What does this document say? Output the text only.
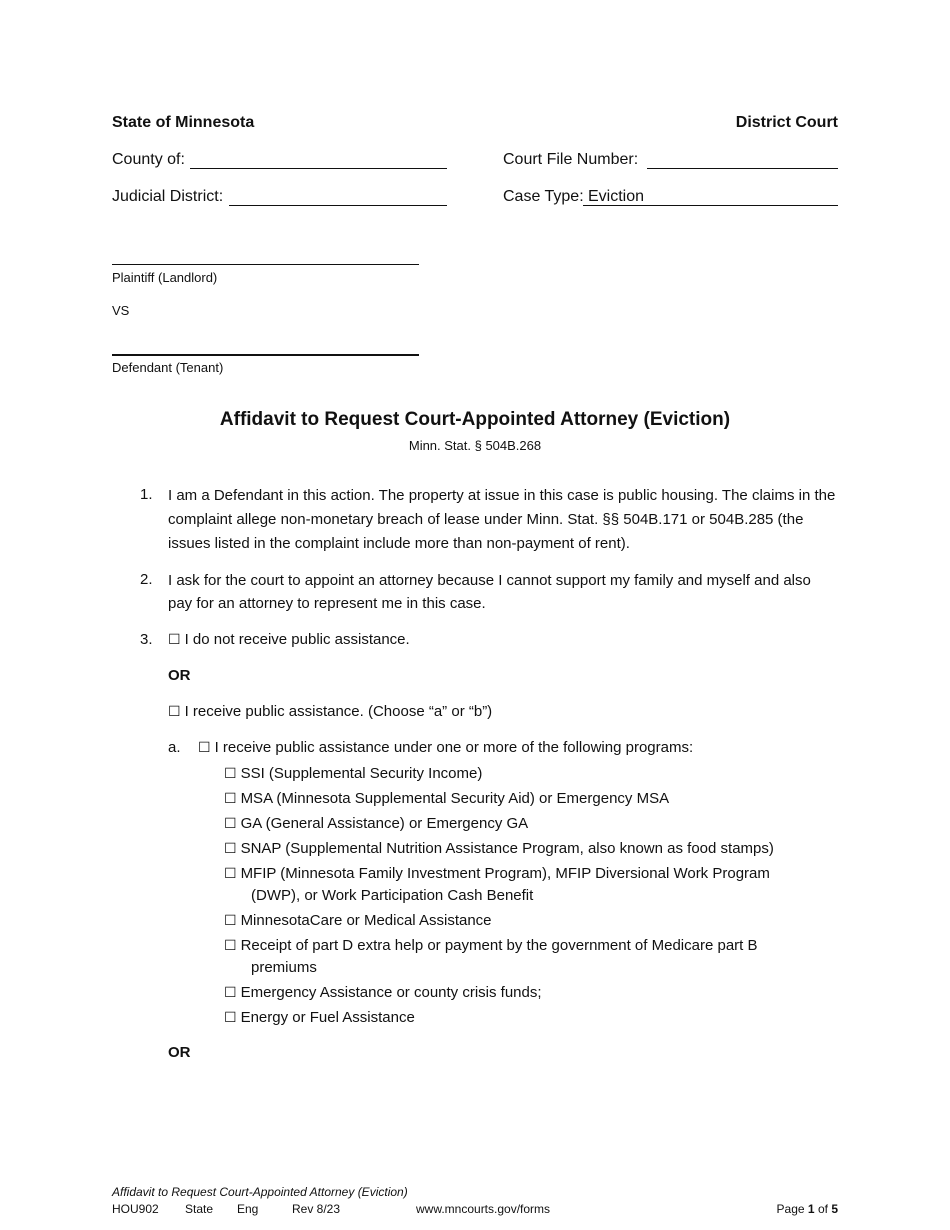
State of Minnesota	District Court
County of:	Court File Number:
Judicial District:	Case Type: Eviction
Plaintiff (Landlord)
VS
Defendant (Tenant)
Affidavit to Request Court-Appointed Attorney (Eviction)
Minn. Stat. § 504B.268
1. I am a Defendant in this action. The property at issue in this case is public housing. The claims in the complaint allege non-monetary breach of lease under Minn. Stat. §§ 504B.171 or 504B.285 (the issues listed in the complaint include more than non-payment of rent).
2. I ask for the court to appoint an attorney because I cannot support my family and myself and also pay for an attorney to represent me in this case.
3. ☐ I do not receive public assistance.
OR
☐ I receive public assistance. (Choose “a” or “b”)
a. ☐ I receive public assistance under one or more of the following programs:
☐ SSI (Supplemental Security Income)
☐ MSA (Minnesota Supplemental Security Aid) or Emergency MSA
☐ GA (General Assistance) or Emergency GA
☐ SNAP (Supplemental Nutrition Assistance Program, also known as food stamps)
☐ MFIP (Minnesota Family Investment Program), MFIP Diversional Work Program
(DWP), or Work Participation Cash Benefit
☐ MinnesotaCare or Medical Assistance
☐ Receipt of part D extra help or payment by the government of Medicare part B
premiums
☐ Emergency Assistance or county crisis funds;
☐ Energy or Fuel Assistance
OR
Affidavit to Request Court-Appointed Attorney (Eviction)
HOU902 State Eng	Rev 8/23	www.mncourts.gov/forms	Page 1 of 5
